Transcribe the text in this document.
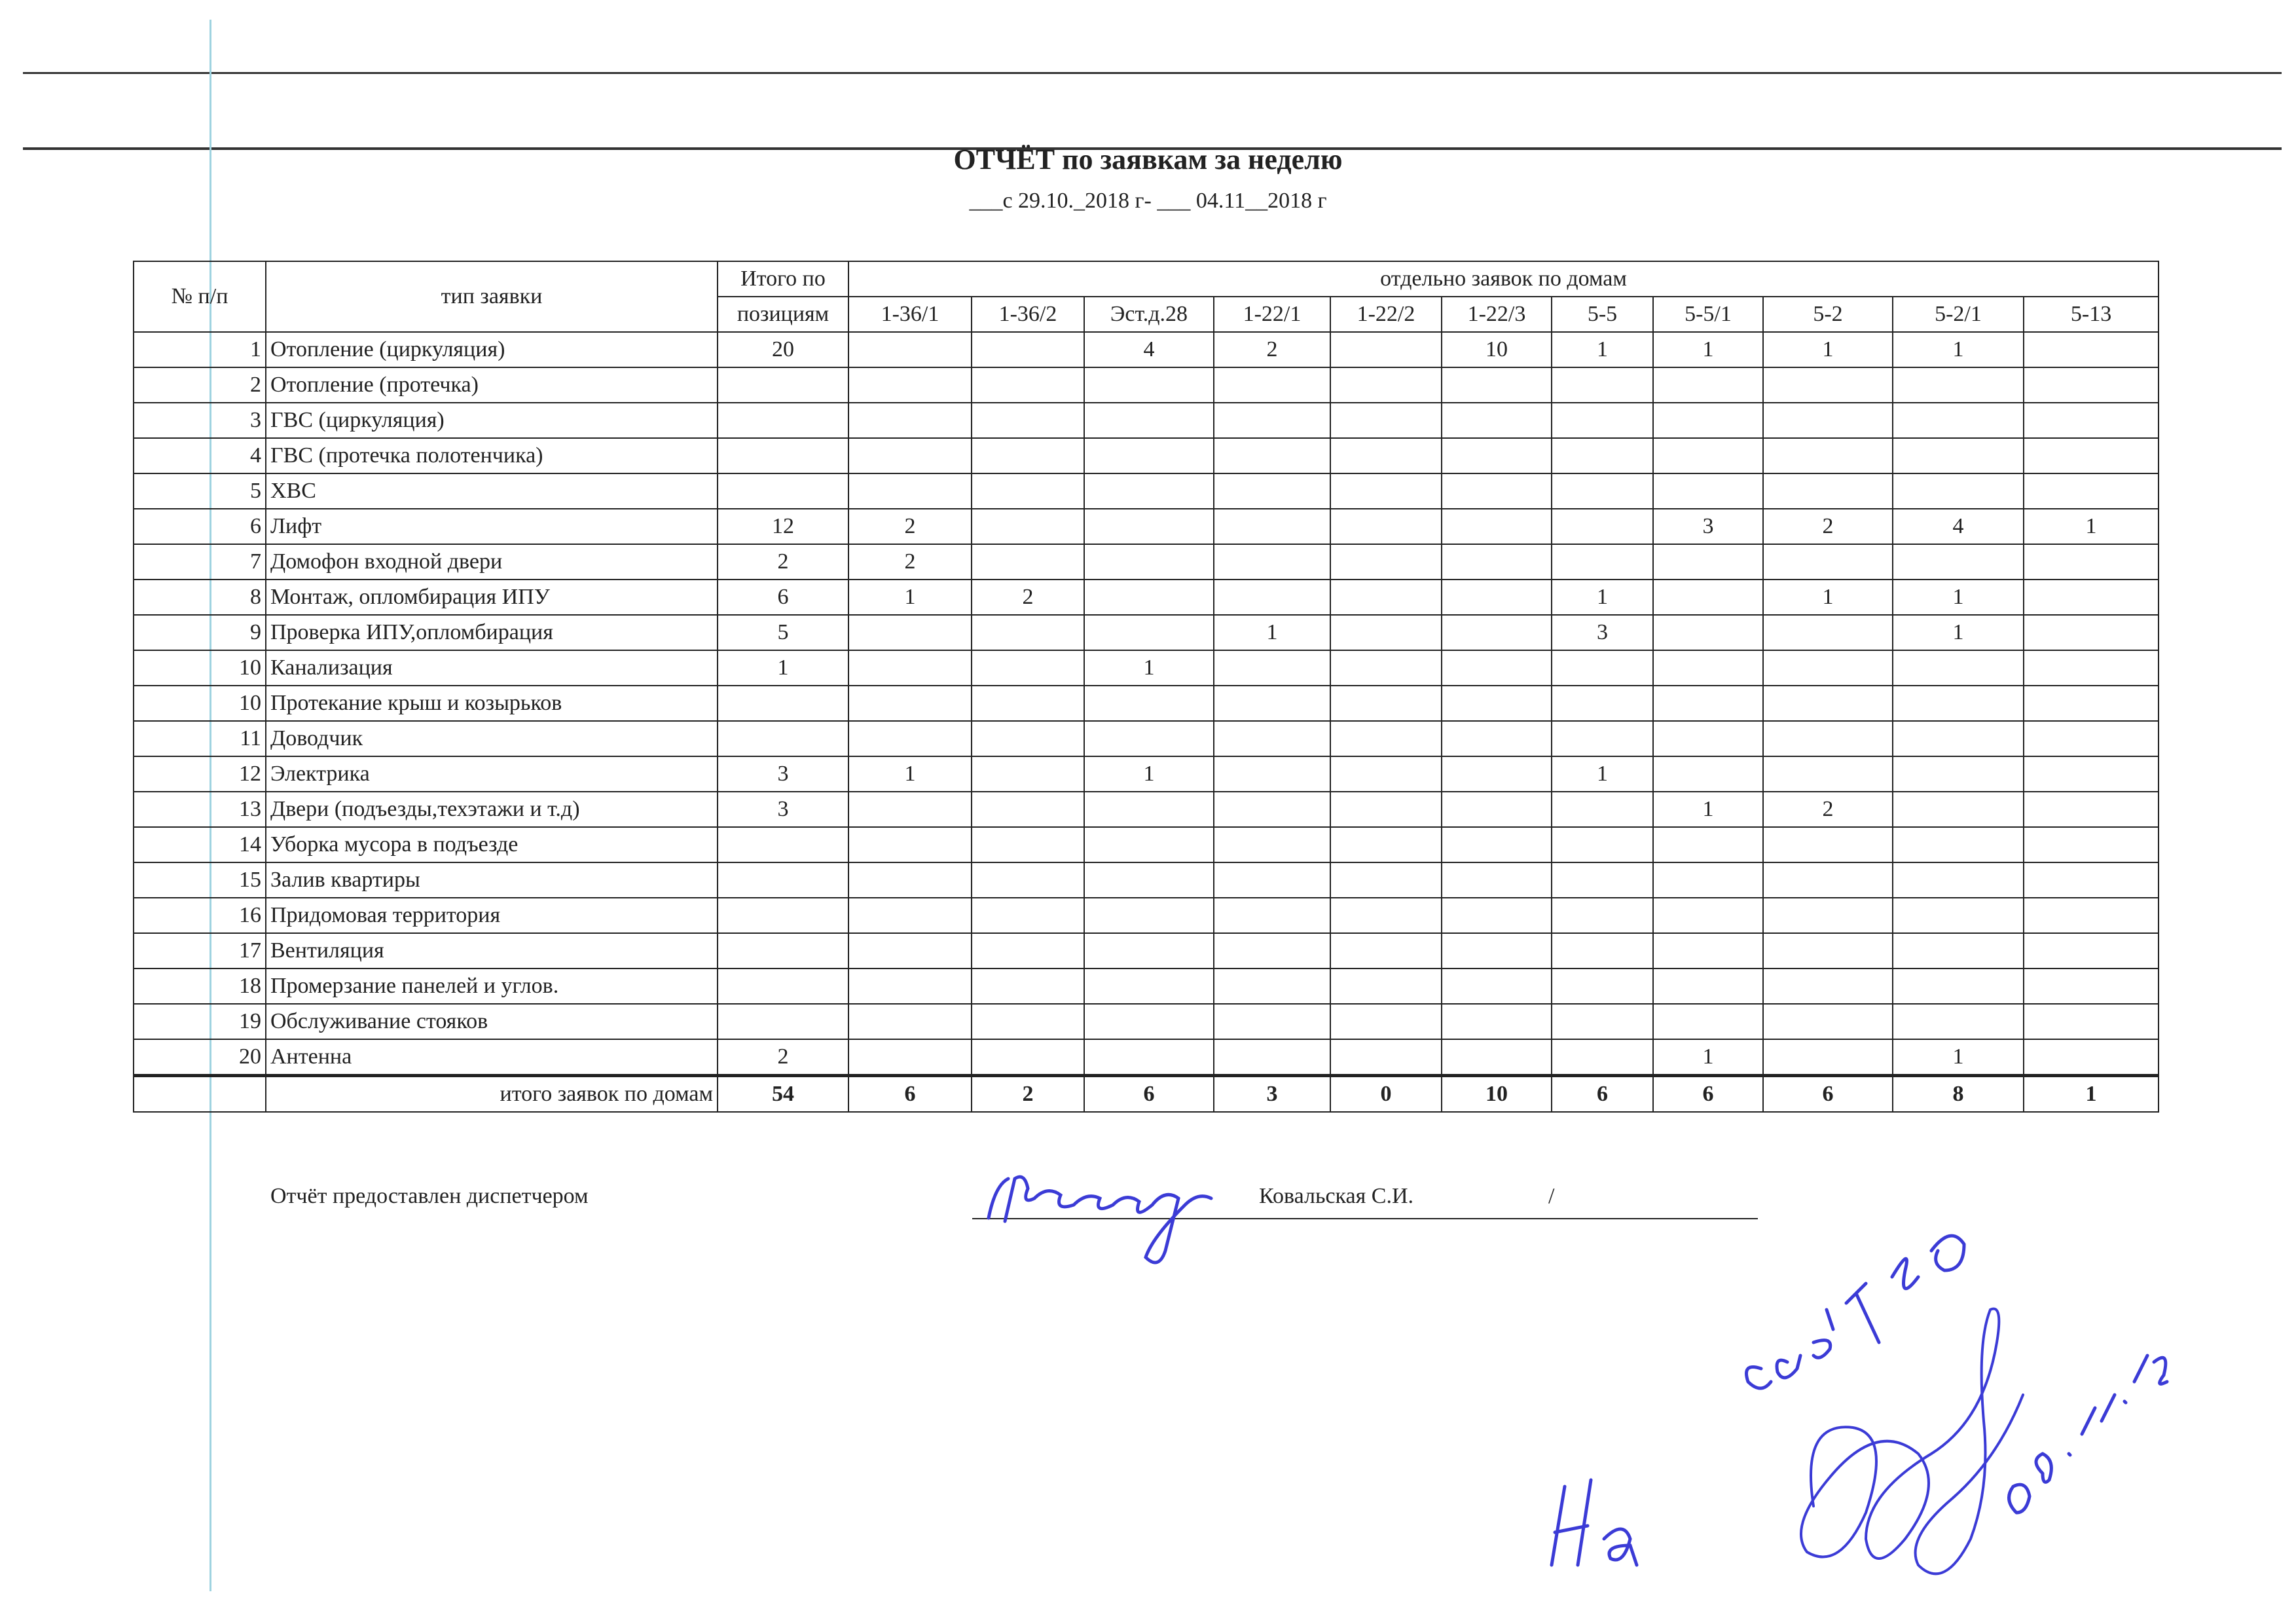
ОТЧЁТ по заявкам за неделю
___с 29.10._2018 г- ___ 04.11__2018 г
№ п/п	тип заявки	Итого по	отдельно заявок по домам										
		позициям	1-36/1	1-36/2	Эст.д.28	1-22/1	1-22/2	1-22/3	5-5	5-5/1	5-2	5-2/1	5-13
1	Отопление (циркуляция)	20			4	2		10	1	1	1	1	
2	Отопление (протечка)												
3	ГВС (циркуляция)												
4	ГВС (протечка полотенчика)												
5	ХВС												
6	Лифт	12	2							3	2	4	1
7	Домофон входной двери	2	2										
8	Монтаж, опломбирация ИПУ	6	1	2					1		1	1	
9	Проверка ИПУ,опломбирация	5				1			3			1	
10	Канализация	1			1								
10	Протекание крыш и козырьков												
11	Доводчик												
12	Электрика	3	1		1				1				
13	Двери (подъезды,техэтажи и т.д)	3								1	2		
14	Уборка мусора в подъезде												
15	Залив квартиры												
16	Придомовая территория												
17	Вентиляция												
18	Промерзание панелей и углов.												
19	Обслуживание стояков												
20	Антенна	2								1		1	
	итого заявок по домам	54	6	2	6	3	0	10	6	6	6	8	1
Отчёт предоставлен диспетчером	Ковальская С.И.	/
